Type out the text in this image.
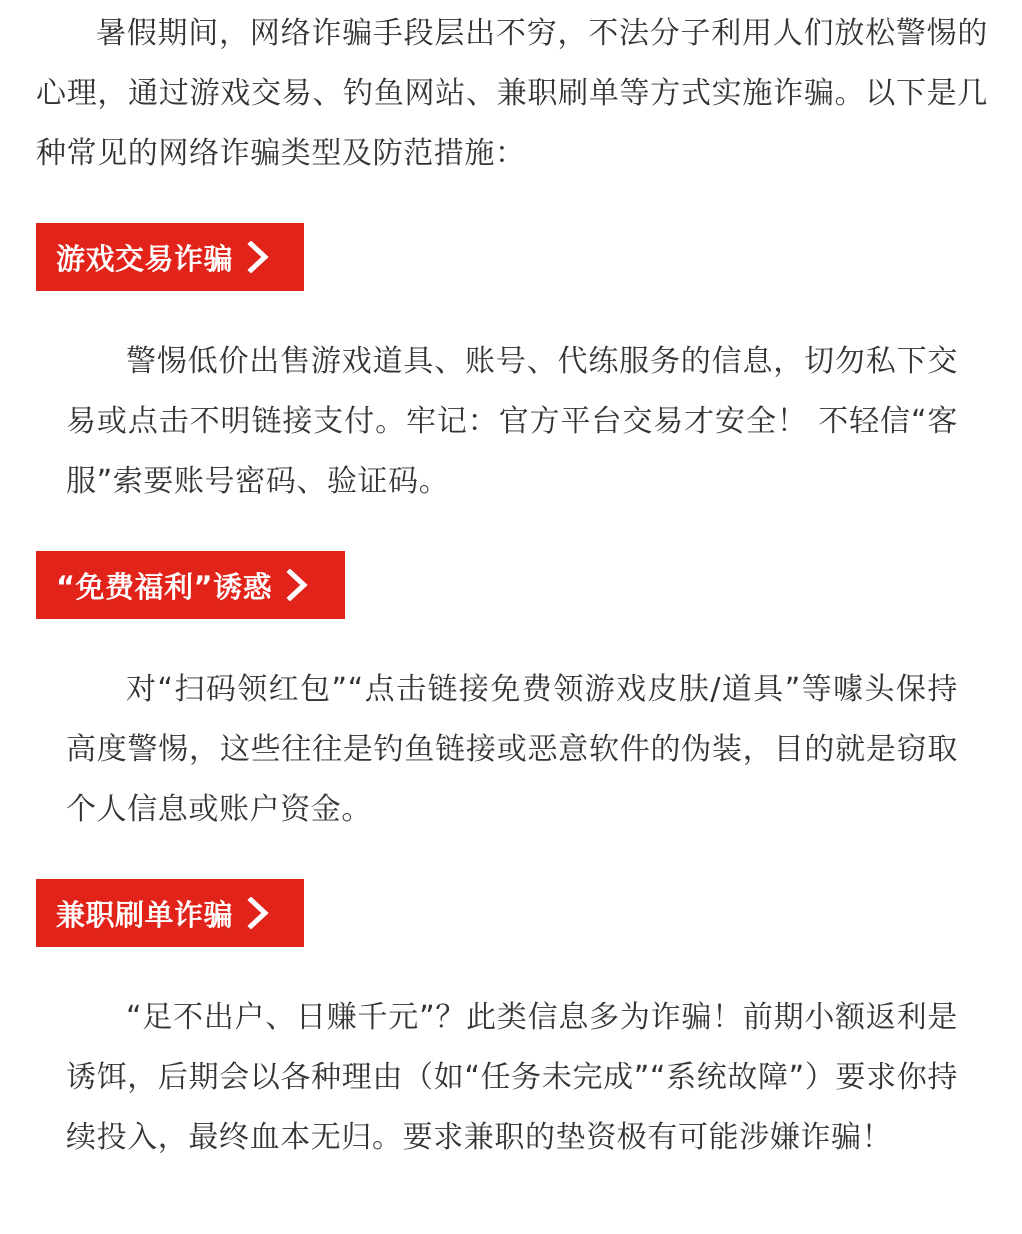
暑假期间，网络诈骗手段层出不穷，不法分子利用人们放松警惕的心理，通过游戏交易、钓鱼网站、兼职刷单等方式实施诈骗。以下是几种常见的网络诈骗类型及防范措施：

游戏交易诈骗

警惕低价出售游戏道具、账号、代练服务的信息，切勿私下交易或点击不明链接支付。牢记：官方平台交易才安全！ 不轻信“客服”索要账号密码、验证码。

“免费福利”诱惑

对“扫码领红包”“点击链接免费领游戏皮肤/道具”等噱头保持高度警惕，这些往往是钓鱼链接或恶意软件的伪装，目的就是窃取个人信息或账户资金。

兼职刷单诈骗

“足不出户、日赚千元”？此类信息多为诈骗！前期小额返利是诱饵，后期会以各种理由（如“任务未完成”“系统故障”）要求你持续投入，最终血本无归。要求兼职的垫资极有可能涉嫌诈骗！
